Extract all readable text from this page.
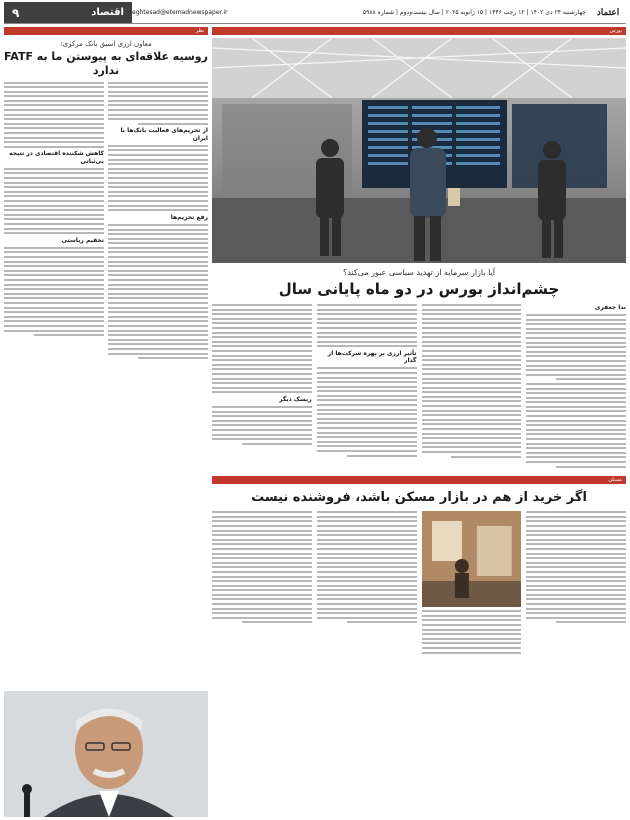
اعتماد
چهارشنبه ۲۴ دی ۱۴۰۲ | ۱۲ رجب ۱۴۴۶ | ۱۵ ژانویه ۲۰۲۵ | سال بیست‌و‌دوم | شماره ۵۹۸۸
eghtesad@etemadnewspaper.ir
اقتصاد
۹
بورس
آیا بازار سرمایه از تهدید سیاسی عبور می‌کند؟
چشم‌انداز بورس در دو ماه پایانی سال
ندا جعفری
تأثیر ارزی بر بهره شرکت‌ها از گذار
ریسک دیگر
مسکن
اگر خرید از هم در بازار مسکن باشد، فروشنده نیست
نظر
معاون ارزی اسبق بانک مرکزی:
روسیه علاقه‌ای به پیوستن ما به FATF ندارد
از تحریم‌های فعالیت بانک‌ها با ایران
رفع تحریم‌ها
کاهش شکننده اقتصادی در نتیجه بی‌ثباتی
تحقیم ریاستی
